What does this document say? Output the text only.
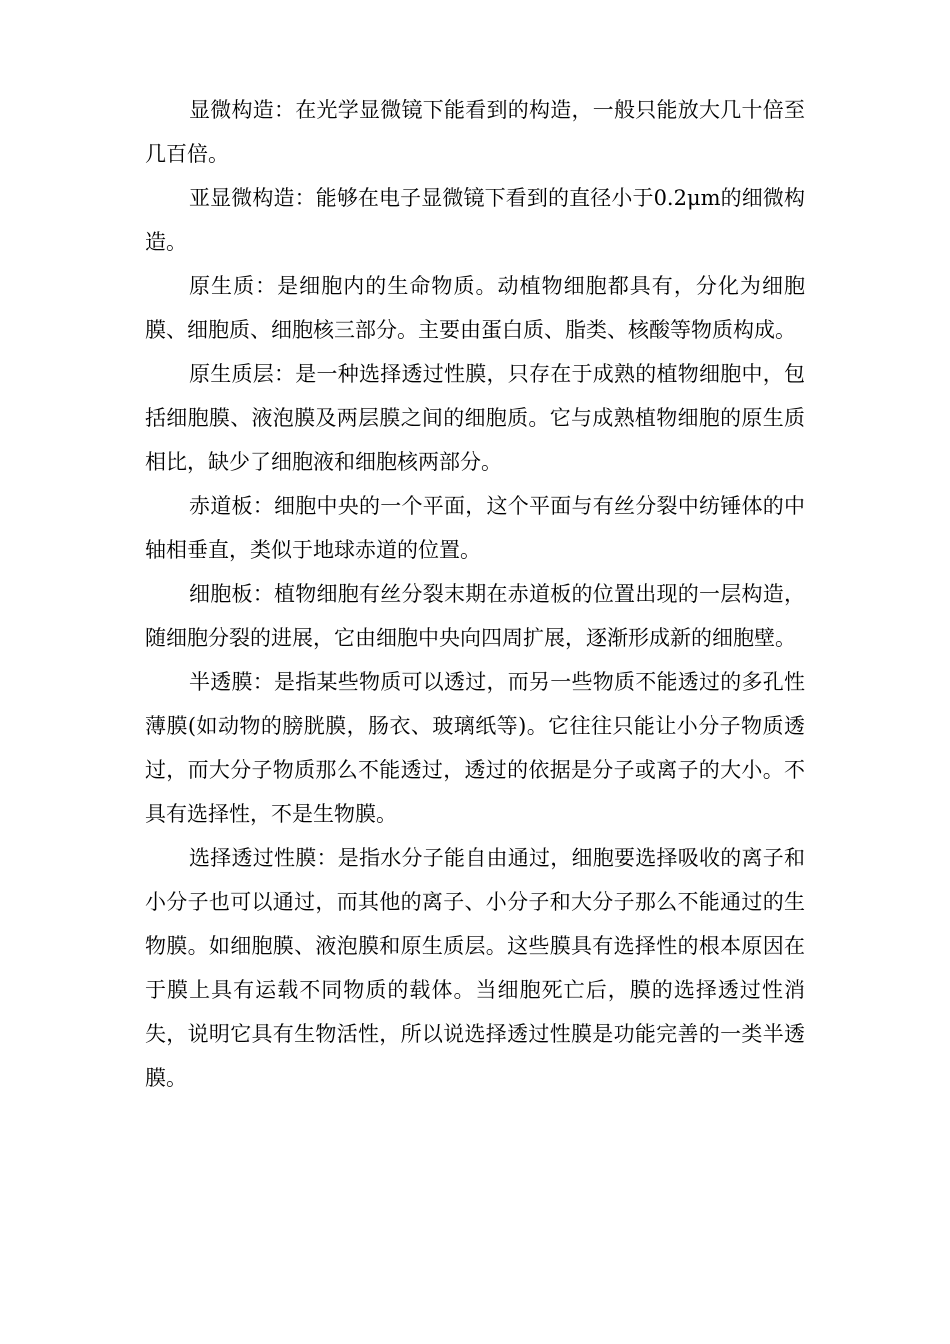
显微构造：在光学显微镜下能看到的构造，一般只能放大几十倍至几百倍。

亚显微构造：能够在电子显微镜下看到的直径小于0.2μm的细微构造。

原生质：是细胞内的生命物质。动植物细胞都具有，分化为细胞膜、细胞质、细胞核三部分。主要由蛋白质、脂类、核酸等物质构成。

原生质层：是一种选择透过性膜，只存在于成熟的植物细胞中，包括细胞膜、液泡膜及两层膜之间的细胞质。它与成熟植物细胞的原生质相比，缺少了细胞液和细胞核两部分。

赤道板：细胞中央的一个平面，这个平面与有丝分裂中纺锤体的中轴相垂直，类似于地球赤道的位置。

细胞板：植物细胞有丝分裂末期在赤道板的位置出现的一层构造，随细胞分裂的进展，它由细胞中央向四周扩展，逐渐形成新的细胞壁。

半透膜：是指某些物质可以透过，而另一些物质不能透过的多孔性薄膜(如动物的膀胱膜，肠衣、玻璃纸等)。它往往只能让小分子物质透过，而大分子物质那么不能透过，透过的依据是分子或离子的大小。不具有选择性，不是生物膜。

选择透过性膜：是指水分子能自由通过，细胞要选择吸收的离子和小分子也可以通过，而其他的离子、小分子和大分子那么不能通过的生物膜。如细胞膜、液泡膜和原生质层。这些膜具有选择性的根本原因在于膜上具有运载不同物质的载体。当细胞死亡后，膜的选择透过性消失，说明它具有生物活性，所以说选择透过性膜是功能完善的一类半透膜。
